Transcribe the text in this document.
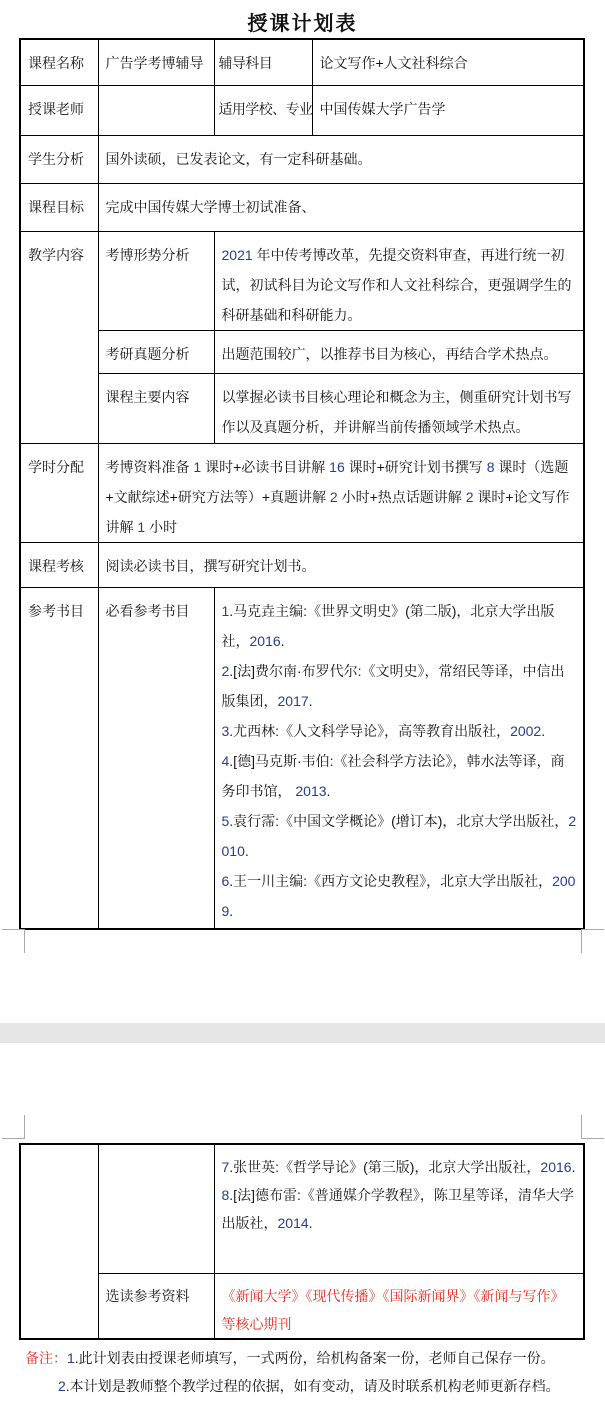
授课计划表
课程名称	广告学考博辅导	辅导科目	论文写作+人文社科综合
授课老师		适用学校、专业	中国传媒大学广告学
学生分析	国外读硕，已发表论文，有一定科研基础。		
课程目标	完成中国传媒大学博士初试准备、		
教学内容	考博形势分析	2021 年中传考博改革，先提交资料审查，再进行统一初试，初试科目为论文写作和人文社科综合，更强调学生的科研基础和科研能力。	
	考研真题分析	出题范围较广，以推荐书目为核心，再结合学术热点。	
	课程主要内容	以掌握必读书目核心理论和概念为主，侧重研究计划书写作以及真题分析，并讲解当前传播领域学术热点。	
学时分配	考博资料准备 1 课时+必读书目讲解 16 课时+研究计划书撰写 8 课时（选题+文献综述+研究方法等）+真题讲解 2 小时+热点话题讲解 2 课时+论文写作讲解 1 小时		
课程考核	阅读必读书目，撰写研究计划书。		
参考书目	必看参考书目	1.马克垚主编:《世界文明史》(第二版)，北京大学出版社，2016.

2.[法]费尔南·布罗代尔:《文明史》，常绍民等译，中信出版集团，2017.

3.尤西林:《人文科学导论》，高等教育出版社，2002.

4.[德]马克斯·韦伯:《社会科学方法论》，韩水法等译，商务印书馆， 2013.

5.袁行霈:《中国文学概论》(增订本)，北京大学出版社，2010.

6.王一川主编:《西方文论史教程》，北京大学出版社，2009.

		7.张世英:《哲学导论》(第三版)，北京大学出版社，2016.

8.[法]德布雷:《普通媒介学教程》，陈卫星等译，清华大学出版社，2014.

	选读参考资料	《新闻大学》《现代传播》《国际新闻界》《新闻与写作》等核心期刊
备注：1.此计划表由授课老师填写，一式两份，给机构备案一份，老师自己保存一份。
2.本计划是教师整个教学过程的依据，如有变动，请及时联系机构老师更新存档。
